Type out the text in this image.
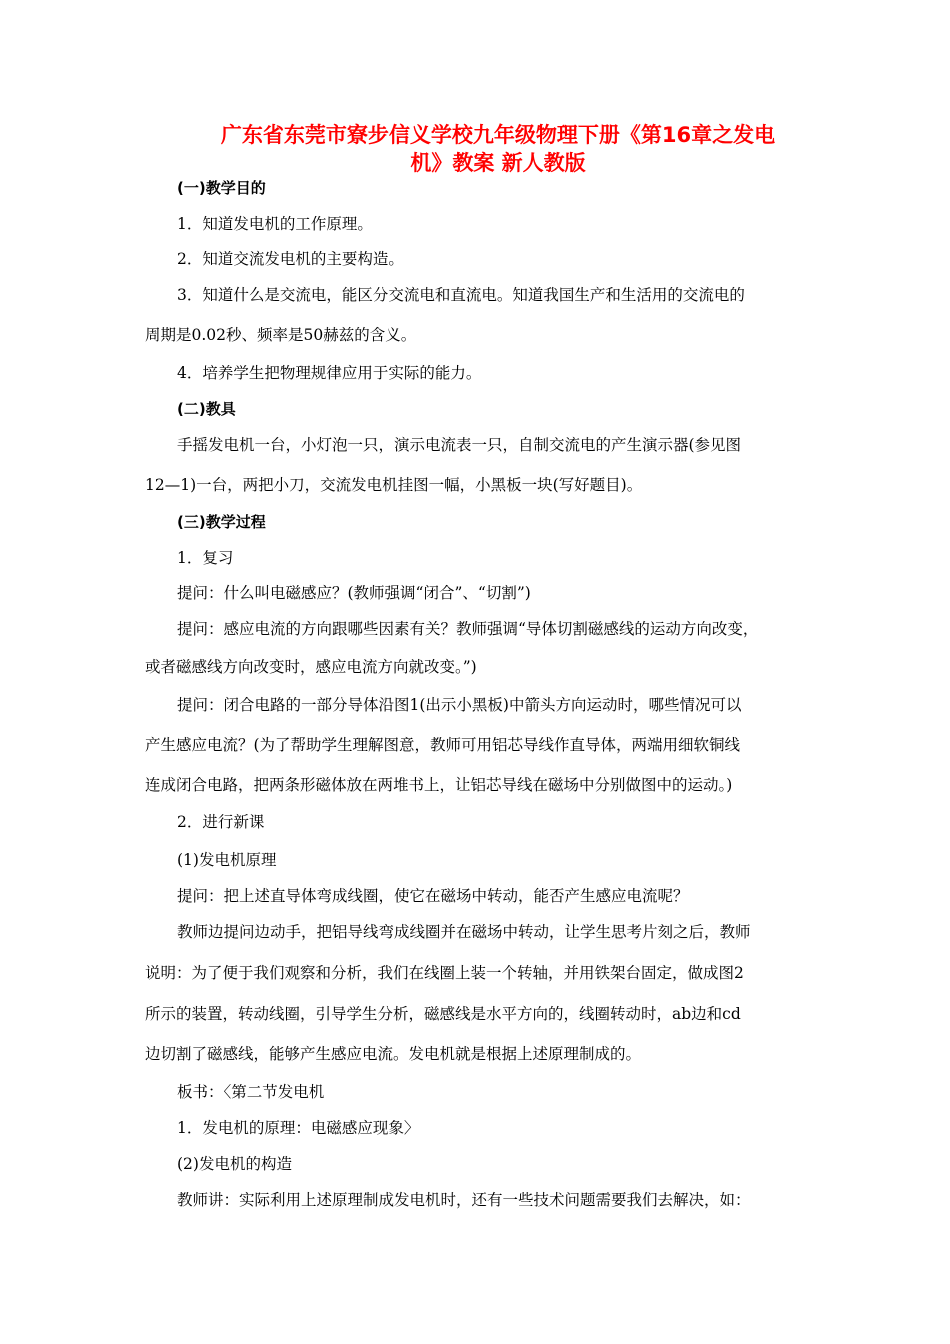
广东省东莞市寮步信义学校九年级物理下册《第16章之发电
机》教案 新人教版
(一)教学目的
1．知道发电机的工作原理。
2．知道交流发电机的主要构造。
3．知道什么是交流电，能区分交流电和直流电。知道我国生产和生活用的交流电的
周期是0.02秒、频率是50赫兹的含义。
4．培养学生把物理规律应用于实际的能力。
(二)教具
手摇发电机一台，小灯泡一只，演示电流表一只，自制交流电的产生演示器(参见图
12—1)一台，两把小刀，交流发电机挂图一幅，小黑板一块(写好题目)。
(三)教学过程
1．复习
提问：什么叫电磁感应？(教师强调“闭合”、“切割”)
提问：感应电流的方向跟哪些因素有关？教师强调“导体切割磁感线的运动方向改变，
或者磁感线方向改变时，感应电流方向就改变。”)
提问：闭合电路的一部分导体沿图1(出示小黑板)中箭头方向运动时，哪些情况可以
产生感应电流？(为了帮助学生理解图意，教师可用铝芯导线作直导体，两端用细软铜线
连成闭合电路，把两条形磁体放在两堆书上，让铝芯导线在磁场中分别做图中的运动。)
2．进行新课
(1)发电机原理
提问：把上述直导体弯成线圈，使它在磁场中转动，能否产生感应电流呢？
教师边提问边动手，把铝导线弯成线圈并在磁场中转动，让学生思考片刻之后，教师
说明：为了便于我们观察和分析，我们在线圈上装一个转轴，并用铁架台固定，做成图2
所示的装置，转动线圈，引导学生分析，磁感线是水平方向的，线圈转动时，ab边和cd
边切割了磁感线，能够产生感应电流。发电机就是根据上述原理制成的。
板书：〈第二节发电机
1．发电机的原理：电磁感应现象〉
(2)发电机的构造
教师讲：实际利用上述原理制成发电机时，还有一些技术问题需要我们去解决，如：
